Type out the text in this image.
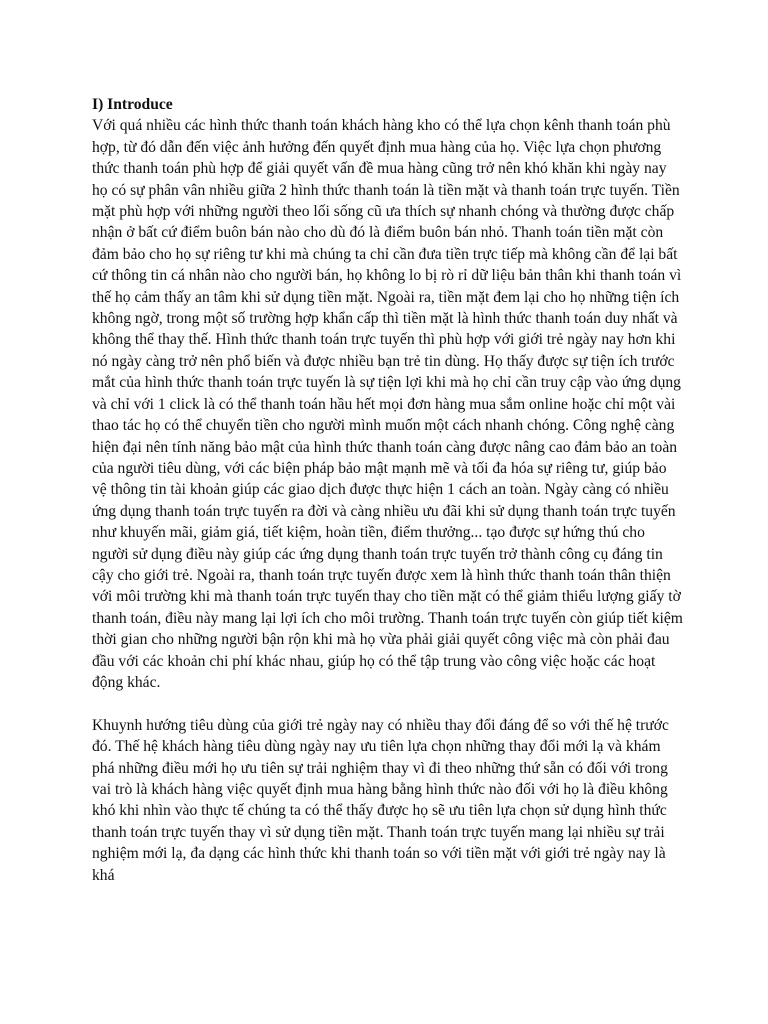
I) Introduce

Với quá nhiều các hình thức thanh toán khách hàng kho có thể lựa chọn kênh thanh toán phù hợp, từ đó dẫn đến việc ảnh hưởng đến quyết định mua hàng của họ. Việc lựa chọn phương thức thanh toán phù hợp để giải quyết vấn đề mua hàng cũng trở nên khó khăn khi ngày nay họ có sự phân vân nhiều giữa 2 hình thức thanh toán là tiền mặt và thanh toán trực tuyến. Tiền mặt phù hợp với những người theo lối sống cũ ưa thích sự nhanh chóng và thường được chấp nhận ở bất cứ điểm buôn bán nào cho dù đó là điểm buôn bán nhỏ. Thanh toán tiền mặt còn đảm bảo cho họ sự riêng tư khi mà chúng ta chỉ cần đưa tiền trực tiếp mà không cần để lại bất cứ thông tin cá nhân nào cho người bán, họ không lo bị rò rỉ dữ liệu bản thân khi thanh toán vì thế họ cảm thấy an tâm khi sử dụng tiền mặt. Ngoài ra, tiền mặt đem lại cho họ những tiện ích không ngờ, trong một số trường hợp khẩn cấp thì tiền mặt là hình thức thanh toán duy nhất và không thể thay thế. Hình thức thanh toán trực tuyến thì phù hợp với giới trẻ ngày nay hơn khi nó ngày càng trở nên phổ biến và được nhiều bạn trẻ tin dùng. Họ thấy được sự tiện ích trước mắt của hình thức thanh toán trực tuyến là sự tiện lợi khi mà họ chỉ cần truy cập vào ứng dụng và chỉ với 1 click là có thể thanh toán hầu hết mọi đơn hàng mua sắm online hoặc chỉ một vài thao tác họ có thể chuyển tiền cho người mình muốn một cách nhanh chóng. Công nghệ càng hiện đại nên tính năng bảo mật của hình thức thanh toán càng được nâng cao đảm bảo an toàn của người tiêu dùng, với các biện pháp bảo mật mạnh mẽ và tối đa hóa sự riêng tư, giúp bảo vệ thông tin tài khoản giúp các giao dịch được thực hiện 1 cách an toàn. Ngày càng có nhiều ứng dụng thanh toán trực tuyến ra đời và càng nhiều ưu đãi khi sử dụng thanh toán trực tuyến như khuyến mãi, giảm giá, tiết kiệm, hoàn tiền, điểm thưởng... tạo được sự hứng thú cho người sử dụng điều này giúp các ứng dụng thanh toán trực tuyến trở thành công cụ đáng tin cậy cho giới trẻ. Ngoài ra, thanh toán trực tuyến được xem là hình thức thanh toán thân thiện với môi trường khi mà thanh toán trực tuyến thay cho tiền mặt có thể giảm thiểu lượng giấy tờ thanh toán, điều này mang lại lợi ích cho môi trường. Thanh toán trực tuyến còn giúp tiết kiệm thời gian cho những người bận rộn khi mà họ vừa phải giải quyết công việc mà còn phải đau đầu với các khoản chi phí khác nhau, giúp họ có thể tập trung vào công việc hoặc các hoạt động khác.

Khuynh hướng tiêu dùng của giới trẻ ngày nay có nhiều thay đổi đáng để so với thế hệ trước đó. Thế hệ khách hàng tiêu dùng ngày nay ưu tiên lựa chọn những thay đổi mới lạ và khám phá những điều mới họ ưu tiên sự trải nghiệm thay vì đi theo những thứ sẵn có đối với trong vai trò là khách hàng việc quyết định mua hàng bằng hình thức nào đối với họ là điều không khó khi nhìn vào thực tế chúng ta có thể thấy được họ sẽ ưu tiên lựa chọn sử dụng hình thức thanh toán trực tuyến thay vì sử dụng tiền mặt. Thanh toán trực tuyến mang lại nhiều sự trải nghiệm mới lạ, đa dạng các hình thức khi thanh toán so với tiền mặt với giới trẻ ngày nay là khá
